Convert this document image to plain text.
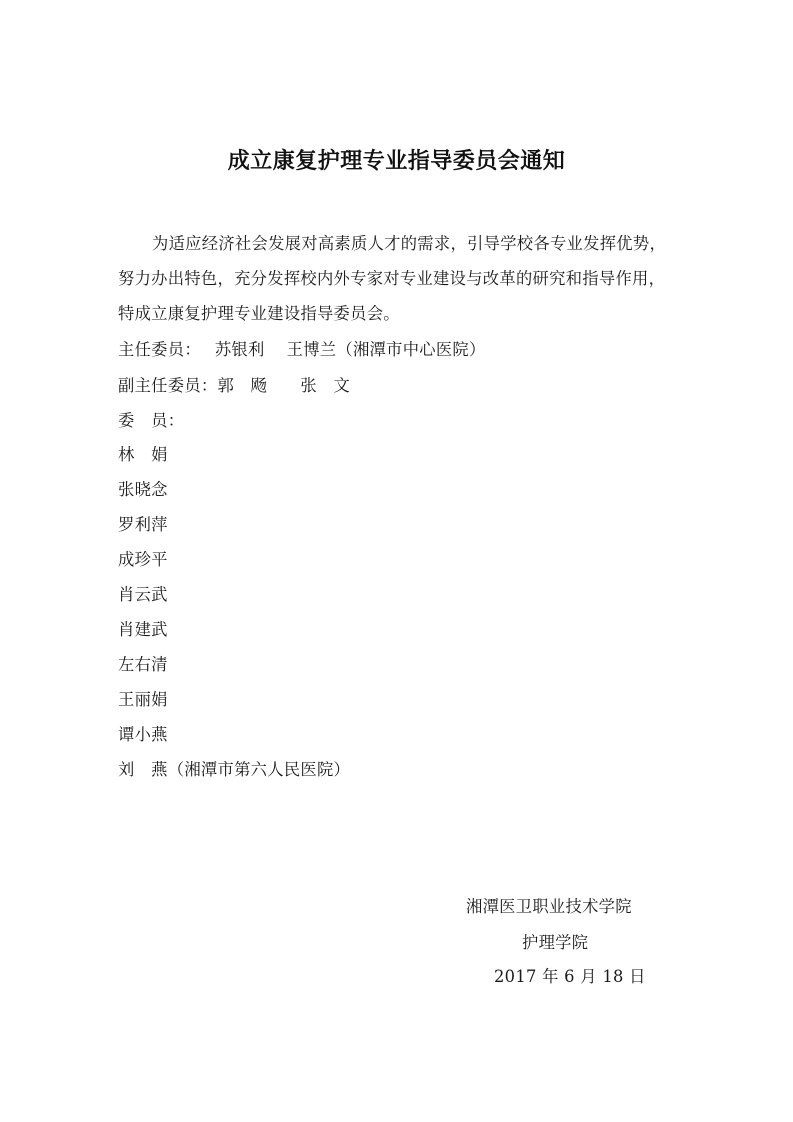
成立康复护理专业指导委员会通知
为适应经济社会发展对高素质人才的需求，引导学校各专业发挥优势，努力办出特色，充分发挥校内外专家对专业建设与改革的研究和指导作用，特成立康复护理专业建设指导委员会。
主任委员：　 苏银利　 王博兰（湘潭市中心医院）
副主任委员：郭　飏　　张　文
委　员：
林　娟
张晓念
罗利萍
成珍平
肖云武
肖建武
左右清
王丽娟
谭小燕
刘　燕（湘潭市第六人民医院）
湘潭医卫职业技术学院
护理学院
2017 年 6 月 18 日
